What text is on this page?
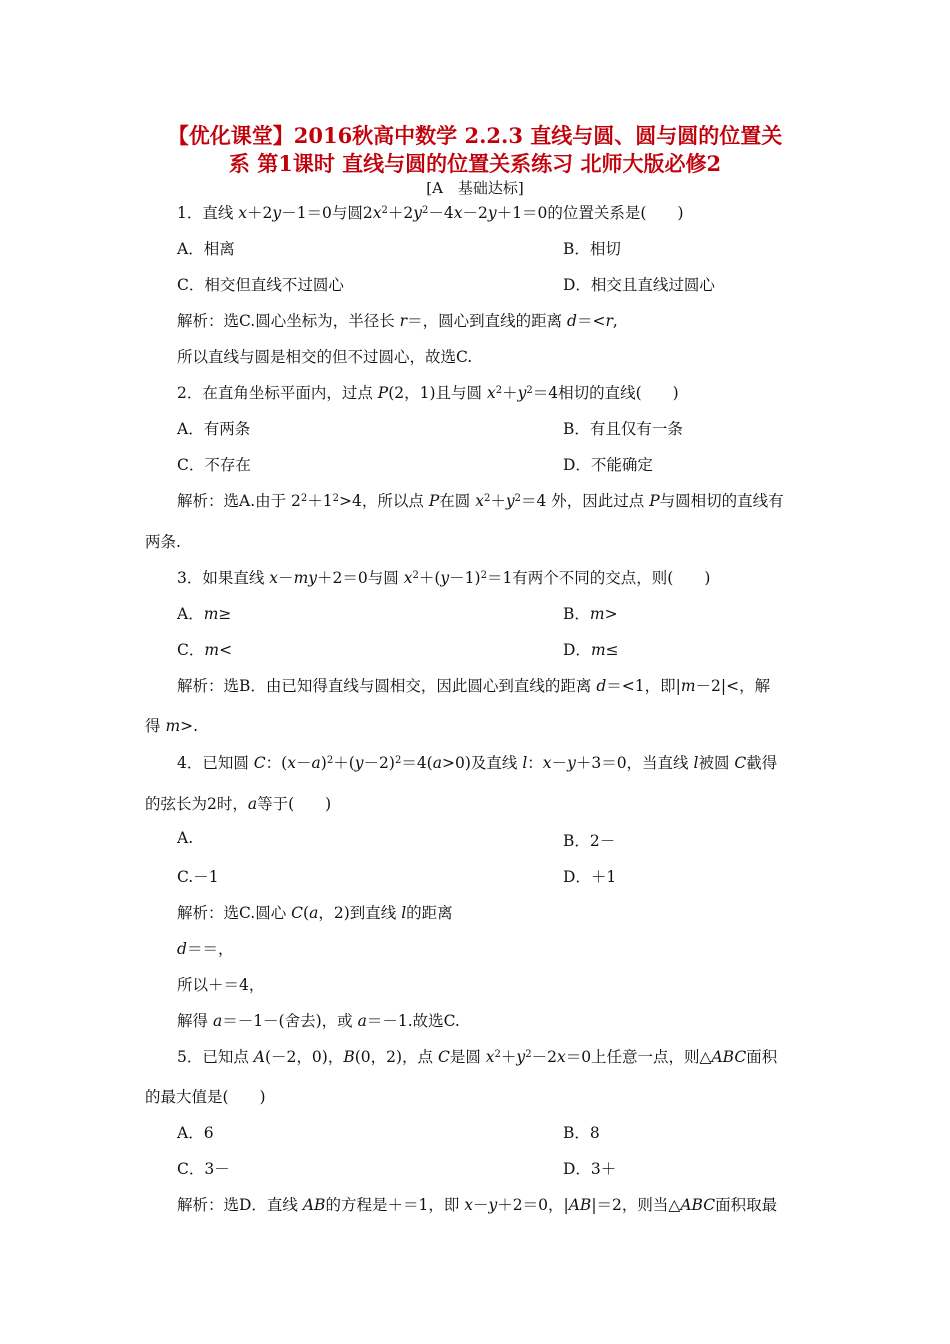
【优化课堂】2016秋高中数学 2.2.3 直线与圆、圆与圆的位置关
系 第1课时 直线与圆的位置关系练习 北师大版必修2
[A　基础达标]
1．直线 x＋2y－1＝0与圆$2x^2+2y^2-4x-2y+1=0$的位置关系是(　　)
A．相离	B．相切
C．相交但直线不过圆心	D．相交且直线过圆心
解析：选C.圆心坐标为，半径长 r＝，圆心到直线的距离 d＝<r,
所以直线与圆是相交的但不过圆心，故选C.
2．在直角坐标平面内，过点 P(2，1)且与圆 $x^2+y^2=4$相切的直线(　　)
A．有两条	B．有且仅有一条
C．不存在	D．不能确定
解析：选A.由于 $2^2+1^2>4$，所以点 P在圆 $x^2+y^2=4$ 外，因此过点 P与圆相切的直线有
两条.
3．如果直线 x－my＋2＝0与圆 $x^2+(y-1)^2=1$有两个不同的交点，则(　　)
A．m≥	B．m>
C．m<	D．m≤
解析：选B．由已知得直线与圆相交，因此圆心到直线的距离 d＝<1，即|m－2|<，解
得 m>.
4．已知圆 C：$(x-a)^2+(y-2)^2=4(a>0)$及直线 l：x－y＋3＝0，当直线 l被圆 C截得
的弦长为2时，a等于(　　)
A.	B．2－
C.－1	D．＋1
解析：选C.圆心 C(a，2)到直线 l的距离
d＝＝，
所以＋＝4，
解得 a＝－1－(舍去)，或 a＝－1.故选C.
5．已知点 A(－2，0)，B(0，2)，点 C是圆 $x^2+y^2-2x=0$上任意一点，则△ABC面积
的最大值是(　　)
A．6	B．8
C．3－	D．3＋
解析：选D．直线 AB的方程是＋＝1，即 x－y＋2＝0，|AB|＝2，则当△ABC面积取最
